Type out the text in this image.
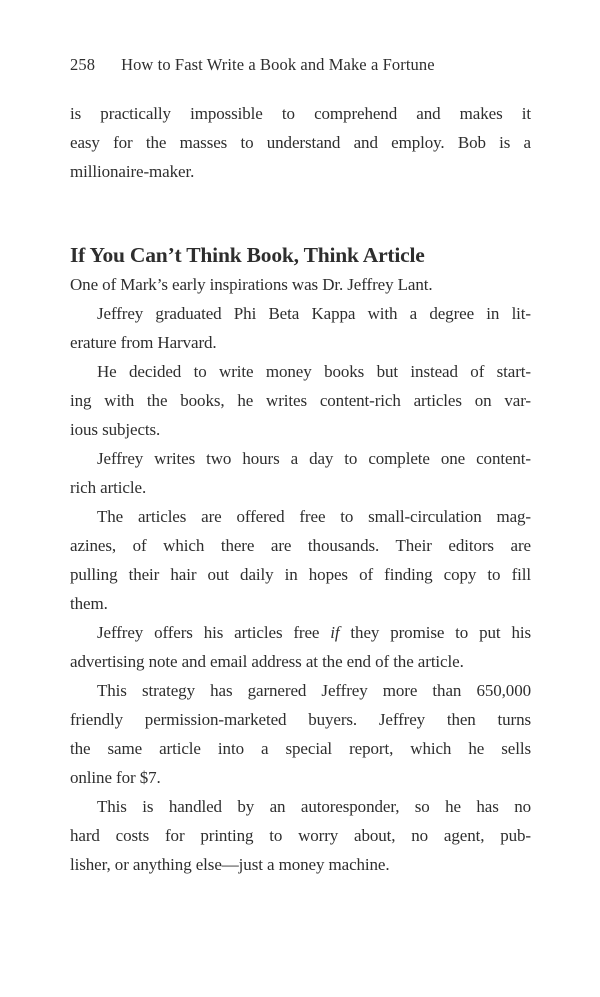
258 How to Fast Write a Book and Make a Fortune
is practically impossible to comprehend and makes it
easy for the masses to understand and employ. Bob is a
millionaire-maker.
If You Can’t Think Book, Think Article
One of Mark’s early inspirations was Dr. Jeffrey Lant.
Jeffrey graduated Phi Beta Kappa with a degree in lit-
erature from Harvard.
He decided to write money books but instead of start-
ing with the books, he writes content-rich articles on var-
ious subjects.
Jeffrey writes two hours a day to complete one content-
rich article.
The articles are offered free to small-circulation mag-
azines, of which there are thousands. Their editors are
pulling their hair out daily in hopes of finding copy to fill
them.
Jeffrey offers his articles free if they promise to put his
advertising note and email address at the end of the article.
This strategy has garnered Jeffrey more than 650,000
friendly permission-marketed buyers. Jeffrey then turns
the same article into a special report, which he sells
online for $7.
This is handled by an autoresponder, so he has no
hard costs for printing to worry about, no agent, pub-
lisher, or anything else—just a money machine.
